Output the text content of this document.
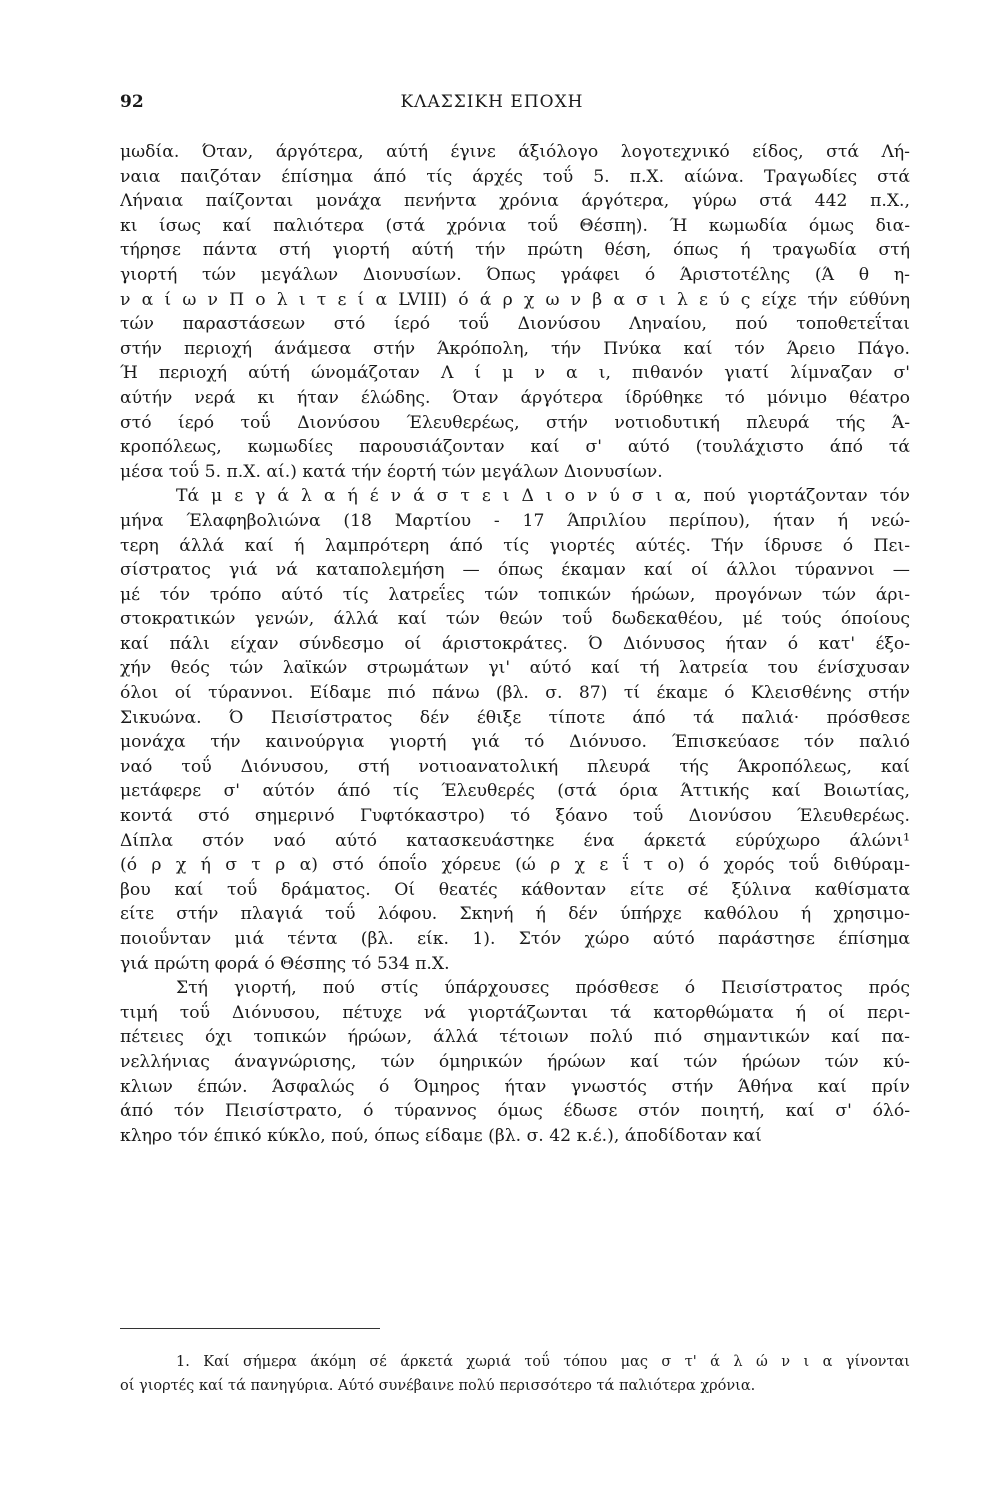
92	ΚΛΑΣΣΙΚΗ ΕΠΟΧΗ
μωδία. Όταν, άργότερα, αύτή έγινε άξιόλογο λογοτεχνικό είδος, στά Λή-
ναια παιζόταν έπίσημα άπό τίς άρχές τοΰ 5. π.Χ. αίώνα. Τραγωδίες στά
Λήναια παίζονται μονάχα πενήντα χρόνια άργότερα, γύρω στά 442 π.Χ.,
κι ίσως καί παλιότερα (στά χρόνια τοΰ Θέσπη). Ή κωμωδία όμως δια-
τήρησε πάντα στή γιορτή αύτή τήν πρώτη θέση, όπως ή τραγωδία στή
γιορτή τών μεγάλων Διονυσίων. Όπως γράφει ό Άριστοτέλης (Ά θ η-
ν α ί ω ν Π ο λ ι τ ε ί α LVIII) ό ά ρ χ ω ν β α σ ι λ ε ύ ς είχε τήν εύθύνη
τών παραστάσεων στό ίερό τοΰ Διονύσου Ληναίου, πού τοποθετεΐται
στήν περιοχή άνάμεσα στήν Άκρόπολη, τήν Πνύκα καί τόν Άρειο Πάγο.
Ή περιοχή αύτή ώνομάζοταν Λ ί μ ν α ι, πιθανόν γιατί λίμναζαν σ'
αύτήν νερά κι ήταν έλώδης. Όταν άργότερα ίδρύθηκε τό μόνιμο θέατρο
στό ίερό τοΰ Διονύσου Έλευθερέως, στήν νοτιοδυτική πλευρά τής Ά-
κροπόλεως, κωμωδίες παρουσιάζονταν καί σ' αύτό (τουλάχιστο άπό τά
μέσα τοΰ 5. π.Χ. αί.) κατά τήν έορτή τών μεγάλων Διονυσίων.
Τά μ ε γ ά λ α ή έ ν ά σ τ ε ι Δ ι ο ν ύ σ ι α, πού γιορτάζονταν τόν
μήνα Έλαφηβολιώνα (18 Μαρτίου - 17 Άπριλίου περίπου), ήταν ή νεώ-
τερη άλλά καί ή λαμπρότερη άπό τίς γιορτές αύτές. Τήν ίδρυσε ό Πει-
σίστρατος γιά νά καταπολεμήση — όπως έκαμαν καί οί άλλοι τύραννοι —
μέ τόν τρόπο αύτό τίς λατρεΐες τών τοπικών ήρώων, προγόνων τών άρι-
στοκρατικών γενών, άλλά καί τών θεών τοΰ δωδεκαθέου, μέ τούς όποίους
καί πάλι είχαν σύνδεσμο οί άριστοκράτες. Ό Διόνυσος ήταν ό κατ' έξο-
χήν θεός τών λαϊκών στρωμάτων γι' αύτό καί τή λατρεία του ένίσχυσαν
όλοι οί τύραννοι. Είδαμε πιό πάνω (βλ. σ. 87) τί έκαμε ό Κλεισθένης στήν
Σικυώνα. Ό Πεισίστρατος δέν έθιξε τίποτε άπό τά παλιά· πρόσθεσε
μονάχα τήν καινούργια γιορτή γιά τό Διόνυσο. Έπισκεύασε τόν παλιό
ναό τοΰ Διόνυσου, στή νοτιοανατολική πλευρά τής Άκροπόλεως, καί
μετάφερε σ' αύτόν άπό τίς Έλευθερές (στά όρια Άττικής καί Βοιωτίας,
κοντά στό σημερινό Γυφτόκαστρο) τό ξόανο τοΰ Διονύσου Έλευθερέως.
Δίπλα στόν ναό αύτό κατασκευάστηκε ένα άρκετά εύρύχωρο άλώνι¹
(ό ρ χ ή σ τ ρ α) στό όποΐο χόρευε (ώ ρ χ ε ΐ τ ο) ό χορός τοΰ διθύραμ-
βου καί τοΰ δράματος. Οί θεατές κάθονταν είτε σέ ξύλινα καθίσματα
είτε στήν πλαγιά τοΰ λόφου. Σκηνή ή δέν ύπήρχε καθόλου ή χρησιμο-
ποιοΰνταν μιά τέντα (βλ. είκ. 1). Στόν χώρο αύτό παράστησε έπίσημα
γιά πρώτη φορά ό Θέσπης τό 534 π.Χ.
Στή γιορτή, πού στίς ύπάρχουσες πρόσθεσε ό Πεισίστρατος πρός
τιμή τοΰ Διόνυσου, πέτυχε νά γιορτάζωνται τά κατορθώματα ή οί περι-
πέτειες όχι τοπικών ήρώων, άλλά τέτοιων πολύ πιό σημαντικών καί πα-
νελλήνιας άναγνώρισης, τών όμηρικών ήρώων καί τών ήρώων τών κύ-
κλιων έπών. Άσφαλώς ό Όμηρος ήταν γνωστός στήν Άθήνα καί πρίν
άπό τόν Πεισίστρατο, ό τύραννος όμως έδωσε στόν ποιητή, καί σ' όλό-
κληρο τόν έπικό κύκλο, πού, όπως είδαμε (βλ. σ. 42 κ.έ.), άποδίδοταν καί
1. Καί σήμερα άκόμη σέ άρκετά χωριά τοΰ τόπου μας σ τ' ά λ ώ ν ι α γίνονται
οί γιορτές καί τά πανηγύρια. Αύτό συνέβαινε πολύ περισσότερο τά παλιότερα χρόνια.
